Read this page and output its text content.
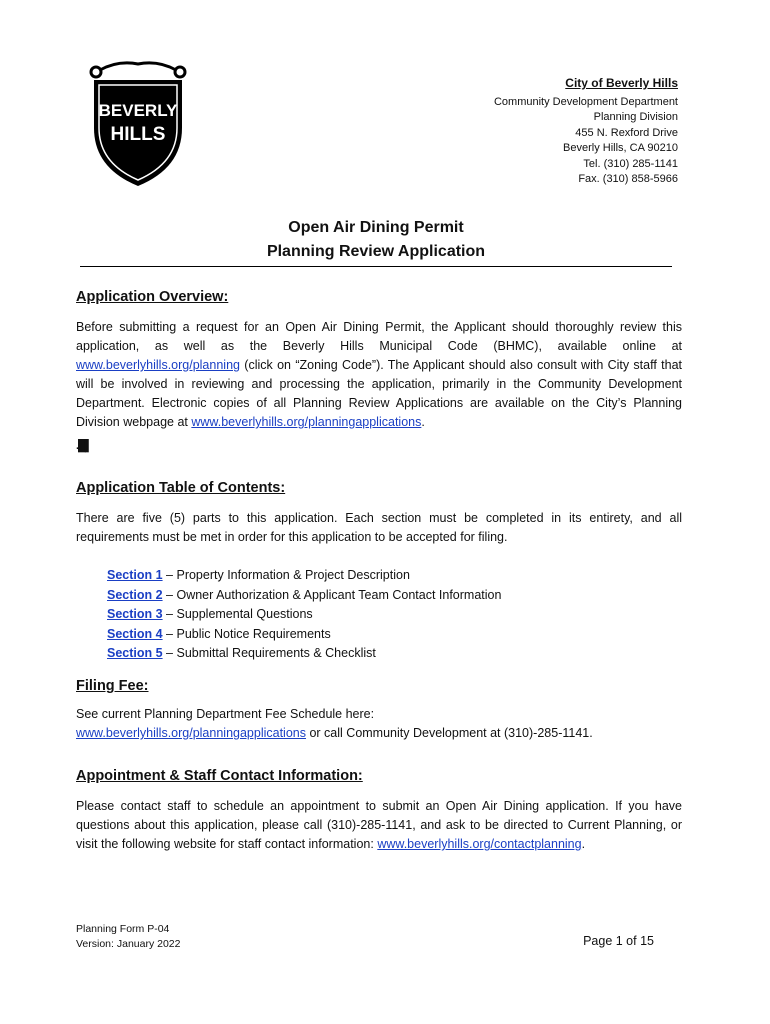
BEVERLY
HILLS
City of Beverly Hills
Community Development Department
Planning Division
455 N. Rexford Drive
Beverly Hills, CA 90210
Tel. (310) 285-1141
Fax. (310) 858-5966
Open Air Dining Permit
Planning Review Application
Application Overview:
Before submitting a request for an Open Air Dining Permit, the Applicant should thoroughly review this application, as well as the Beverly Hills Municipal Code (BHMC), available online at www.beverlyhills.org/planning (click on “Zoning Code”). The Applicant should also consult with City staff that will be involved in reviewing and processing the application, primarily in the Community Development Department. Electronic copies of all Planning Review Applications are available on the City’s Planning Division webpage at www.beverlyhills.org/planningapplications.
.█▌
Application Table of Contents:
There are five (5) parts to this application. Each section must be completed in its entirety, and all requirements must be met in order for this application to be accepted for filing.
Section 1 – Property Information & Project Description
Section 2 – Owner Authorization & Applicant Team Contact Information
Section 3 – Supplemental Questions
Section 4 – Public Notice Requirements
Section 5 – Submittal Requirements & Checklist
Filing Fee:
See current Planning Department Fee Schedule here:
www.beverlyhills.org/planningapplications or call Community Development at (310)-285-1141.
Appointment & Staff Contact Information:
Please contact staff to schedule an appointment to submit an Open Air Dining application. If you have questions about this application, please call (310)-285-1141, and ask to be directed to Current Planning, or visit the following website for staff contact information: www.beverlyhills.org/contactplanning.
Planning Form P-04
Version: January 2022	Page 1 of 15
